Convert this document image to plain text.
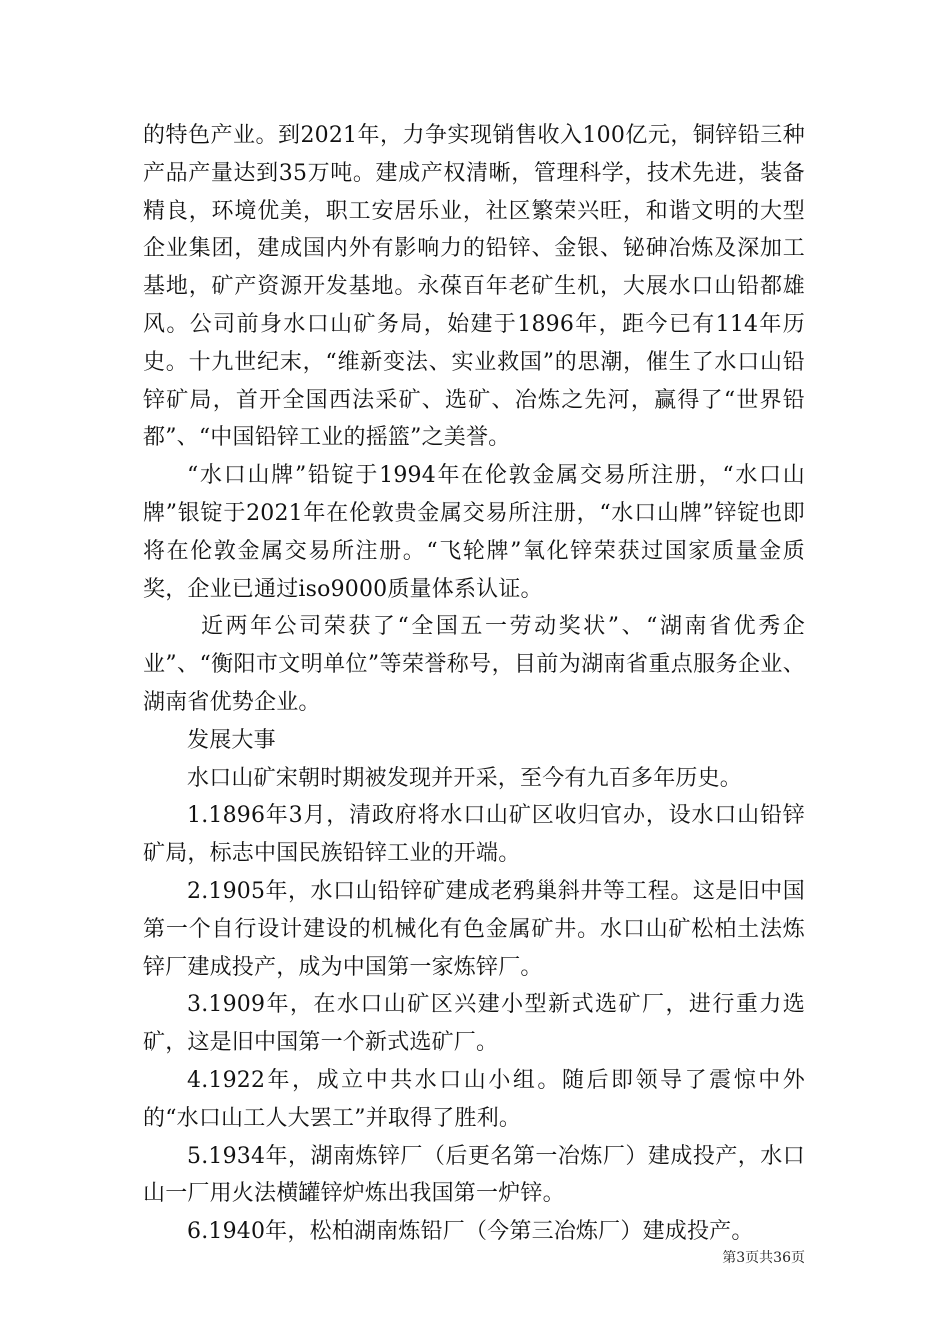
的特色产业。到2021年，力争实现销售收入100亿元，铜锌铅三种产品产量达到35万吨。建成产权清晰，管理科学，技术先进，装备精良，环境优美，职工安居乐业，社区繁荣兴旺，和谐文明的大型企业集团，建成国内外有影响力的铅锌、金银、铋砷冶炼及深加工基地，矿产资源开发基地。永葆百年老矿生机，大展水口山铅都雄风。公司前身水口山矿务局，始建于1896年，距今已有114年历史。十九世纪末，“维新变法、实业救国”的思潮，催生了水口山铅锌矿局，首开全国西法采矿、选矿、冶炼之先河，赢得了“世界铅都”、“中国铅锌工业的摇篮”之美誉。

“水口山牌”铅锭于1994年在伦敦金属交易所注册，“水口山牌”银锭于2021年在伦敦贵金属交易所注册，“水口山牌”锌锭也即将在伦敦金属交易所注册。“飞轮牌”氧化锌荣获过国家质量金质奖，企业已通过iso9000质量体系认证。

近两年公司荣获了“全国五一劳动奖状”、“湖南省优秀企业”、“衡阳市文明单位”等荣誉称号，目前为湖南省重点服务企业、湖南省优势企业。

发展大事

水口山矿宋朝时期被发现并开采，至今有九百多年历史。

1.1896年3月，清政府将水口山矿区收归官办，设水口山铅锌矿局，标志中国民族铅锌工业的开端。

2.1905年，水口山铅锌矿建成老鸦巢斜井等工程。这是旧中国第一个自行设计建设的机械化有色金属矿井。水口山矿松柏土法炼锌厂建成投产，成为中国第一家炼锌厂。

3.1909年，在水口山矿区兴建小型新式选矿厂，进行重力选矿，这是旧中国第一个新式选矿厂。

4.1922年，成立中共水口山小组。随后即领导了震惊中外的“水口山工人大罢工”并取得了胜利。

5.1934年，湖南炼锌厂（后更名第一冶炼厂）建成投产，水口山一厂用火法横罐锌炉炼出我国第一炉锌。

6.1940年，松柏湖南炼铅厂（今第三冶炼厂）建成投产。

第3页共36页
